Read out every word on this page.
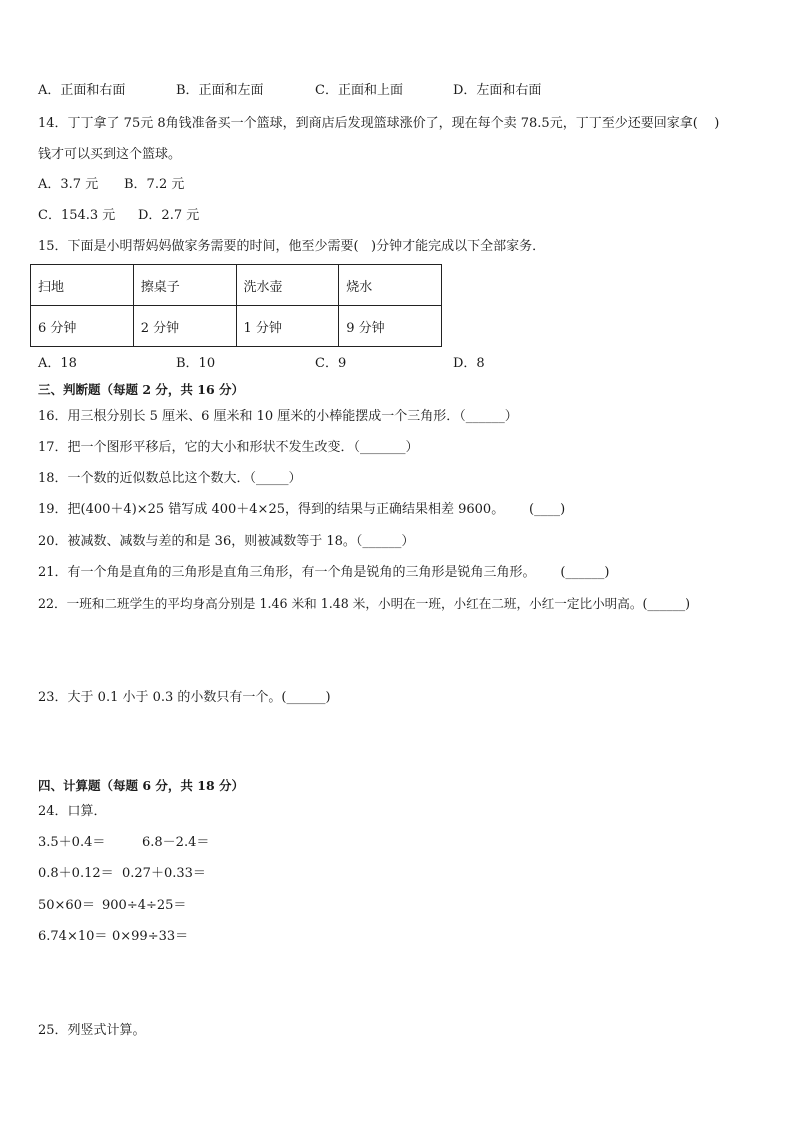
A．正面和右面	B．正面和左面	C．正面和上面	D．左面和右面
14．丁丁拿了 75元 8角钱准备买一个篮球，到商店后发现篮球涨价了，现在每个卖 78.5元，丁丁至少还要回家拿(    )
钱才可以买到这个篮球。
A．3.7 元 B．7.2 元
C．154.3 元 D．2.7 元
15．下面是小明帮妈妈做家务需要的时间，他至少需要(   )分钟才能完成以下全部家务．
扫地	擦桌子	洗水壶	烧水
6 分钟	2 分钟	1 分钟	9 分钟
A．18	B．10	C．9	D．8
三、判断题（每题 2 分，共 16 分）
16．用三根分别长 5 厘米、6 厘米和 10 厘米的小棒能摆成一个三角形．（______）
17．把一个图形平移后，它的大小和形状不发生改变．（_______）
18．一个数的近似数总比这个数大．（_____）
19．把(400＋4)×25 错写成 400＋4×25，得到的结果与正确结果相差 9600。      (____)
20．被减数、减数与差的和是 36，则被减数等于 18。（______）
21．有一个角是直角的三角形是直角三角形，有一个角是锐角的三角形是锐角三角形。      (______)
22．一班和二班学生的平均身高分别是 1.46 米和 1.48 米，小明在一班，小红在二班，小红一定比小明高。(______)
23．大于 0.1 小于 0.3 的小数只有一个。(______)
四、计算题（每题 6 分，共 18 分）
24．口算．
3.5＋0.4＝	6.8－2.4＝
0.8＋0.12＝ 0.27＋0.33＝
50×60＝ 900÷4÷25＝
6.74×10＝ 0×99÷33＝
25．列竖式计算。
